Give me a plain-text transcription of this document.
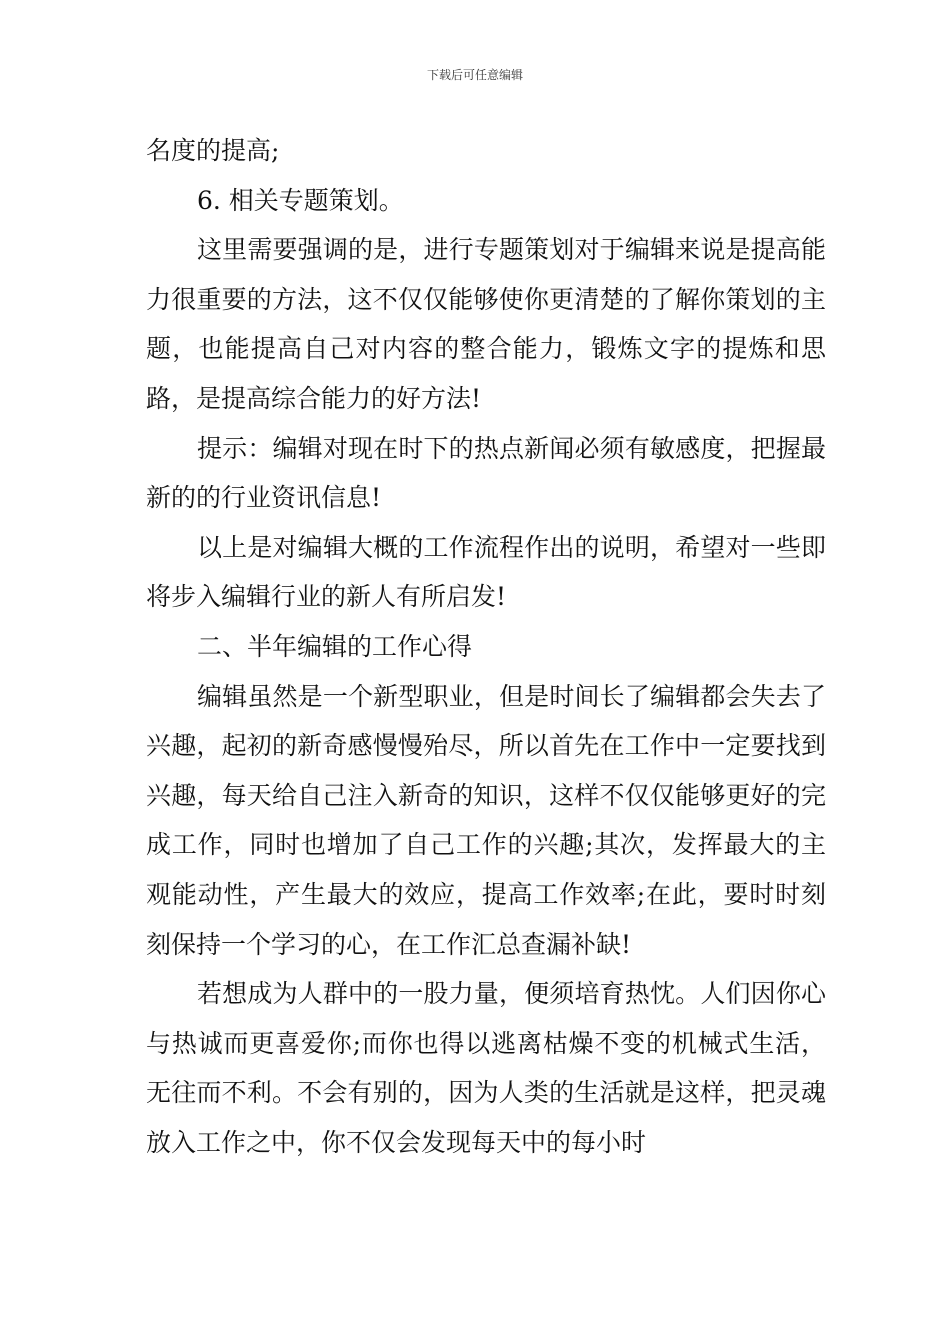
下载后可任意编辑

名度的提高;

6. 相关专题策划。

这里需要强调的是，进行专题策划对于编辑来说是提高能力很重要的方法，这不仅仅能够使你更清楚的了解你策划的主题，也能提高自己对内容的整合能力，锻炼文字的提炼和思路，是提高综合能力的好方法!

提示：编辑对现在时下的热点新闻必须有敏感度，把握最新的的行业资讯信息!

以上是对编辑大概的工作流程作出的说明，希望对一些即将步入编辑行业的新人有所启发!

二、半年编辑的工作心得

编辑虽然是一个新型职业，但是时间长了编辑都会失去了兴趣，起初的新奇感慢慢殆尽，所以首先在工作中一定要找到兴趣，每天给自己注入新奇的知识，这样不仅仅能够更好的完成工作，同时也增加了自己工作的兴趣;其次，发挥最大的主观能动性，产生最大的效应，提高工作效率;在此，要时时刻刻保持一个学习的心，在工作汇总查漏补缺!

若想成为人群中的一股力量，便须培育热忱。人们因你心与热诚而更喜爱你;而你也得以逃离枯燥不变的机械式生活，无往而不利。不会有别的，因为人类的生活就是这样，把灵魂放入工作之中，你不仅会发现每天中的每小时
